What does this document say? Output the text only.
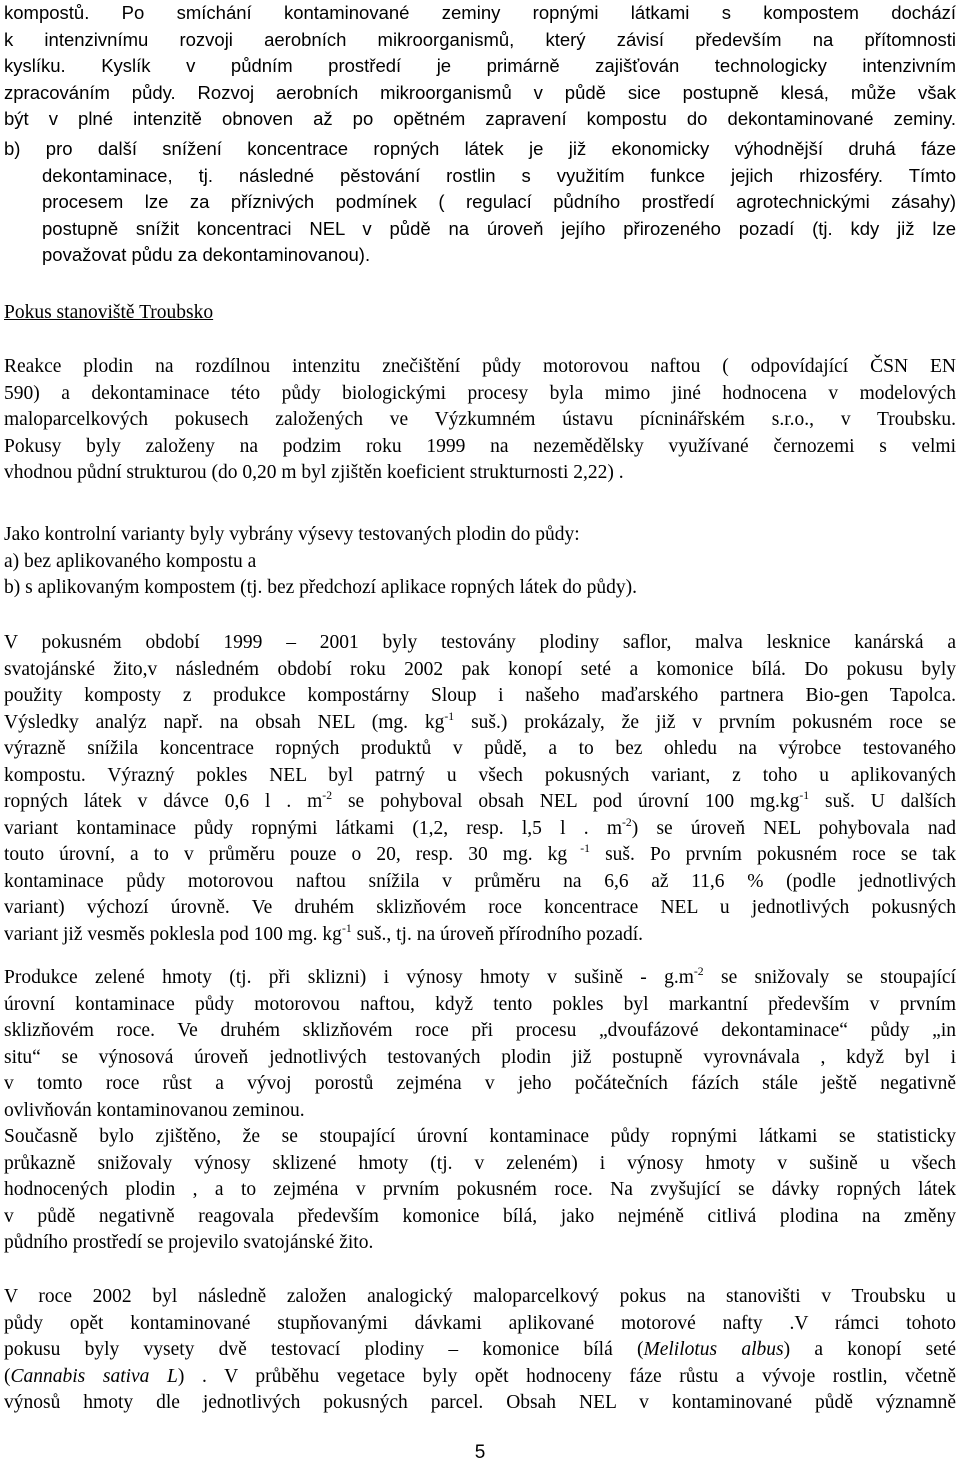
kompostů. Po smíchání kontaminované zeminy ropnými látkami s kompostem dochází
k intenzivnímu rozvoji aerobních mikroorganismů, který závisí především na přítomnosti
kyslíku. Kyslík v půdním prostředí je primárně zajišťován technologicky intenzivním
zpracováním půdy. Rozvoj aerobních mikroorganismů v půdě sice postupně klesá, může však
být v plné intenzitě obnoven až po opětném zapravení kompostu do dekontaminované zeminy.
b) pro další snížení koncentrace ropných látek je již ekonomicky výhodnější druhá fáze
dekontaminace, tj. následné pěstování rostlin s využitím funkce jejich rhizosféry. Tímto
procesem lze za příznivých podmínek ( regulací půdního prostředí agrotechnickými zásahy)
postupně snížit koncentraci NEL v půdě na úroveň jejího přirozeného pozadí (tj. kdy již lze
považovat půdu za dekontaminovanou).
Pokus stanoviště Troubsko
Reakce plodin na rozdílnou intenzitu znečištění půdy motorovou naftou ( odpovídající ČSN EN
590) a dekontaminace této půdy biologickými procesy byla mimo jiné hodnocena v modelových
maloparcelkových pokusech založených ve Výzkumném ústavu pícninářském s.r.o., v Troubsku.
Pokusy byly založeny na podzim roku 1999 na nezemědělsky využívané černozemi s velmi
vhodnou půdní strukturou (do 0,20 m byl zjištěn koeficient strukturnosti 2,22) .
Jako kontrolní varianty byly vybrány výsevy testovaných plodin do půdy:
a) bez aplikovaného kompostu a
b) s aplikovaným kompostem (tj. bez předchozí aplikace ropných látek do půdy).
V pokusném období 1999 – 2001 byly testovány plodiny saflor, malva lesknice kanárská a
svatojánské žito,v následném období roku 2002 pak konopí seté a komonice bílá. Do pokusu byly
použity komposty z produkce kompostárny Sloup i našeho maďarského partnera Bio-gen Tapolca.
Výsledky analýz např. na obsah NEL (mg. $kg^{-1}$ suš.) prokázaly, že již v prvním pokusném roce se
výrazně snížila koncentrace ropných produktů v půdě, a to bez ohledu na výrobce testovaného
kompostu. Výrazný pokles NEL byl patrný u všech pokusných variant, z toho u aplikovaných
ropných látek v dávce 0,6 l . $m^{-2}$ se pohyboval obsah NEL pod úrovní 100 $mg.kg^{-1}$ suš. U dalších
variant kontaminace půdy ropnými látkami (1,2, resp. l,5 l . $m^{-2}$) se úroveň NEL pohybovala nad
touto úrovní, a to v průměru pouze o 20, resp. 30 mg. kg $^{-1}$ suš. Po prvním pokusném roce se tak
kontaminace půdy motorovou naftou snížila v průměru na 6,6 až 11,6 % (podle jednotlivých
variant) výchozí úrovně. Ve druhém sklizňovém roce koncentrace NEL u jednotlivých pokusných
variant již vesměs poklesla pod 100 mg. $kg^{-1}$ suš., tj. na úroveň přírodního pozadí.
Produkce zelené hmoty (tj. při sklizni) i výnosy hmoty v sušině - $g.m^{-2}$ se snižovaly se stoupající
úrovní kontaminace půdy motorovou naftou, když tento pokles byl markantní především v prvním
sklizňovém roce. Ve druhém sklizňovém roce při procesu „dvoufázové dekontaminace“ půdy „in
situ“ se výnosová úroveň jednotlivých testovaných plodin již postupně vyrovnávala , když byl i
v tomto roce růst a vývoj porostů zejména v jeho počátečních fázích stále ještě negativně
ovlivňován kontaminovanou zeminou.
Současně bylo zjištěno, že se stoupající úrovní kontaminace půdy ropnými látkami se statisticky
průkazně snižovaly výnosy sklizené hmoty (tj. v zeleném) i výnosy hmoty v sušině u všech
hodnocených plodin , a to zejména v prvním pokusném roce. Na zvyšující se dávky ropných látek
v půdě negativně reagovala především komonice bílá, jako nejméně citlivá plodina na změny
půdního prostředí se projevilo svatojánské žito.
V roce 2002 byl následně založen analogický maloparcelkový pokus na stanovišti v Troubsku u
půdy opět kontaminované stupňovanými dávkami aplikované motorové nafty .V rámci tohoto
pokusu byly vysety dvě testovací plodiny – komonice bílá (Melilotus albus) a konopí seté
(Cannabis sativa L) . V průběhu vegetace byly opět hodnoceny fáze růstu a vývoje rostlin, včetně
výnosů hmoty dle jednotlivých pokusných parcel. Obsah NEL v kontaminované půdě významně
5
